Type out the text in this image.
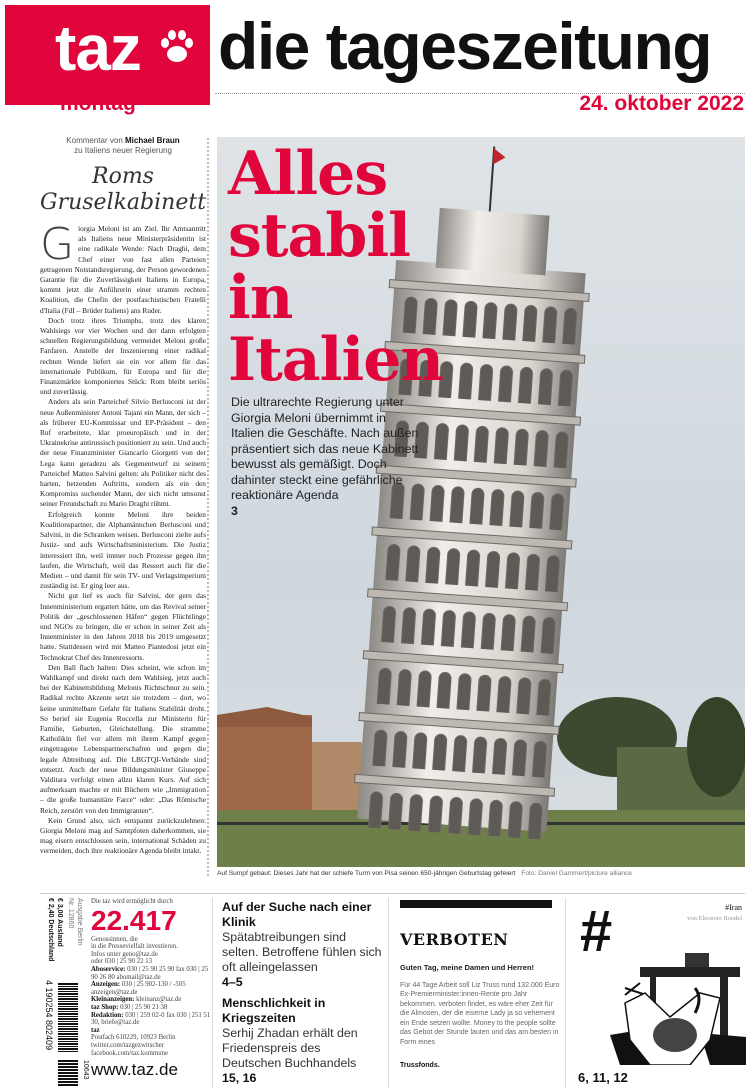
taz	die tageszeitung
montag	24. oktober 2022
Kommentar von Michael Braun
zu Italiens neuer Regierung
Roms Gruselkabinett

Giorgia Meloni ist am Ziel. Ihr Amtsantritt als Italiens neue Ministerpräsidentin ist eine radikale Wende: Nach Draghi, dem Chef einer von fast allen Parteien getragenen Notstandsregierung, der Person gewordenen Garantie für die Zuverlässigkeit Italiens in Europa, kommt jetzt die Anführerin einer stramm rechten Koalition, die Chefin der postfaschistischen Fratelli d'Italia (FdI – Brüder Italiens) ans Ruder.

Doch trotz ihres Triumphs, trotz des klaren Wahlsiegs vor vier Wochen und der dann erfolgten schnellen Regierungsbildung vermeidet Meloni große Fanfaren. Anstelle der Inszenierung einer radikal rechten Wende liefert sie ein vor allem für das internationale Publikum, für Europa und für die Finanzmärkte komponiertes Stück: Rom bleibt seriös und zuverlässig.

Anders als sein Parteichef Silvio Berlusconi ist der neue Außenminister Antoni Tajani ein Mann, der sich – als früherer EU-Kommissar und EP-Präsident – den Ruf erarbeitete, klar proeuropäisch und in der Ukrainekrise antirussisch positioniert zu sein. Und auch der neue Finanzminister Giancarlo Giorgetti von der Lega kann geradezu als Gegenentwurf zu seinem Parteichef Matteo Salvini gelten: als Politiker nicht des harten, hetzenden Auftritts, sondern als ein den Kompromiss suchender Mann, der sich nicht umsonst seiner Freundschaft zu Mario Draghi rühmt.

Erfolgreich konnte Meloni ihre beiden Koalitionspartner, die Alphamännchen Berlusconi und Salvini, in die Schranken weisen. Berlusconi zielte aufs Justiz- und aufs Wirtschaftsministerium. Die Justiz interessiert ihn, weil immer noch Prozesse gegen ihn laufen, die Wirtschaft, weil das Ressort auch für die Medien – und damit für sein TV- und Verlagsimperium zuständig ist. Er ging leer aus.

Nicht gut lief es auch für Salvini, der gern das Innenministerium ergattert hätte, um das Revival seiner Politik der „geschlossenen Häfen“ gegen Flüchtlinge und NGOs zu bringen, die er schon in seiner Zeit als Innenminister in den Jahren 2018 bis 2019 umgesetzt hatte. Stattdessen wird mit Matteo Piantedosi jetzt ein Technokrat Chef des Innenressorts.

Den Ball flach halten: Dies scheint, wie schon im Wahlkampf und direkt nach dem Wahlsieg, jetzt auch bei der Kabinettsbildung Melonis Richtschnur zu sein. Radikal rechte Akzente setzt sie trotzdem – dort, wo keine unmittelbare Gefahr für Italiens Stabilität droht. So berief sie Eugenia Roccella zur Ministerin für Familie, Geburten, Gleichstellung. Die stramme Katholikin fiel vor allem mit ihrem Kampf gegen eingetragene Lebenspartnerschaften und gegen die legale Abtreibung auf. Die LBGTQI-Verbände sind entsetzt. Auch der neue Bildungsminister Giuseppe Valditara verfolgt einen allzu klaren Kurs. Auf sich aufmerksam machte er mit Büchern wie „Immigration – die große humanitäre Farce“ oder: „Das Römische Reich, zerstört von den Immigranten“.

Kein Grund also, sich entspannt zurückzulehnen: Giorgia Meloni mag auf Samtpfoten daherkommen, sie mag eisern entschlossen sein, international Schäden zu vermeiden, doch ihre reaktionäre Agenda bleibt intakt.

Alles
stabil
in
Italien
Die ultrarechte Regierung unter Giorgia Meloni übernimmt in Italien die Geschäfte. Nach außen präsentiert sich das neue Kabinett bewusst als gemäßigt. Doch dahinter steckt eine gefährliche reaktionäre Agenda
3
Auf Sumpf gebaut: Dieses Jahr hat der schiefe Turm von Pisa seinen 650-jährigen Geburtstag gefeiert Foto: Daniel Gammert/picture alliance
Ausgabe Berlin
Nr. 12860
€ 3,00 Ausland
€ 2,40 Deutschland
4 190254 802409
10643
Die taz wird ermöglicht durch
22.417
Genossinnen, die
in die Pressevielfalt investieren.
Infos unter geno@taz.de
oder 030 | 25 90 22 13
Aboservice: 030 | 25 90 25 90 fax 030 | 25 90 26 80 abomail@taz.de
Anzeigen: 030 | 25 902-130 / -505 anzeigen@taz.de
Kleinanzeigen: kleinanz@taz.de
taz Shop: 030 | 25 90 21 38
Redaktion: 030 | 259 02-0 fax 030 | 251 51 30, briefe@taz.de
taz
Postfach 610229, 10923 Berlin
twitter.com/tazgezwitscher
facebook.com/taz.kommune
www.taz.de
Auf der Suche nach einer Klinik
Spätabtreibungen sind selten. Betroffene fühlen sich oft alleingelassen
4–5
Menschlichkeit in Kriegszeiten
Serhij Zhadan erhält den Friedenspreis des Deutschen Buchhandels
15, 16
VERBOTEN
Guten Tag, meine Damen und Herren!
Für 44 Tage Arbeit soll Liz Truss rund 132.000 Euro Ex-Premierminister:innen-Rente pro Jahr bekommen. verboten findet, es wäre eher Zeit für die Almosen, der die eiserne Lady ja so vehement ein Ende setzen wollte. Money to the people sollte das Gebot der Stunde lauten und das am besten in Form eines
Trussfonds.
#	#Iran
von Eleonore Roedel
6, 11, 12
